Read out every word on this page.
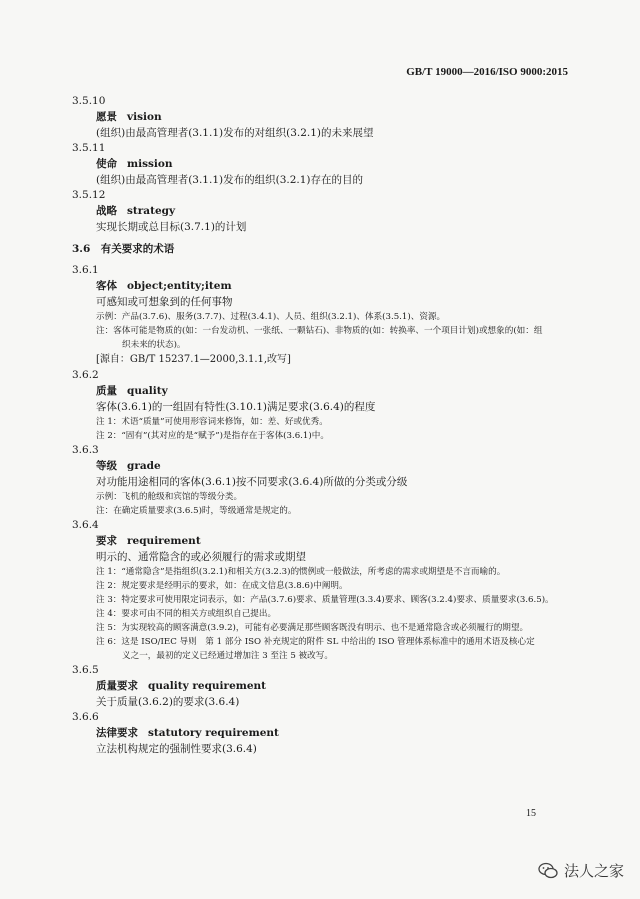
GB/T 19000—2016/ISO 9000:2015
3.5.10
愿景 vision
(组织)由最高管理者(3.1.1)发布的对组织(3.2.1)的未来展望
3.5.11
使命 mission
(组织)由最高管理者(3.1.1)发布的组织(3.2.1)存在的目的
3.5.12
战略 strategy
实现长期或总目标(3.7.1)的计划
3.6　有关要求的术语
3.6.1
客体 object;entity;item
可感知或可想象到的任何事物
示例：产品(3.7.6)、服务(3.7.7)、过程(3.4.1)、人员、组织(3.2.1)、体系(3.5.1)、资源。
注：客体可能是物质的(如：一台发动机、一张纸、一颗钻石)、非物质的(如：转换率、一个项目计划)或想象的(如：组
织未来的状态)。
[源自：GB/T 15237.1—2000,3.1.1,改写]
3.6.2
质量 quality
客体(3.6.1)的一组固有特性(3.10.1)满足要求(3.6.4)的程度
注 1：术语“质量”可使用形容词来修饰，如：差、好或优秀。
注 2：“固有”(其对应的是“赋予”)是指存在于客体(3.6.1)中。
3.6.3
等级 grade
对功能用途相同的客体(3.6.1)按不同要求(3.6.4)所做的分类或分级
示例：飞机的舱级和宾馆的等级分类。
注：在确定质量要求(3.6.5)时，等级通常是规定的。
3.6.4
要求 requirement
明示的、通常隐含的或必须履行的需求或期望
注 1：“通常隐含”是指组织(3.2.1)和相关方(3.2.3)的惯例或一般做法，所考虑的需求或期望是不言而喻的。
注 2：规定要求是经明示的要求，如：在成文信息(3.8.6)中阐明。
注 3：特定要求可使用限定词表示，如：产品(3.7.6)要求、质量管理(3.3.4)要求、顾客(3.2.4)要求、质量要求(3.6.5)。
注 4：要求可由不同的相关方或组织自己提出。
注 5：为实现较高的顾客满意(3.9.2)，可能有必要满足那些顾客既没有明示、也不是通常隐含或必须履行的期望。
注 6：这是 ISO/IEC 导则　第 1 部分 ISO 补充规定的附件 SL 中给出的 ISO 管理体系标准中的通用术语及核心定
义之一，最初的定义已经通过增加注 3 至注 5 被改写。
3.6.5
质量要求 quality requirement
关于质量(3.6.2)的要求(3.6.4)
3.6.6
法律要求 statutory requirement
立法机构规定的强制性要求(3.6.4)
15
法人之家
